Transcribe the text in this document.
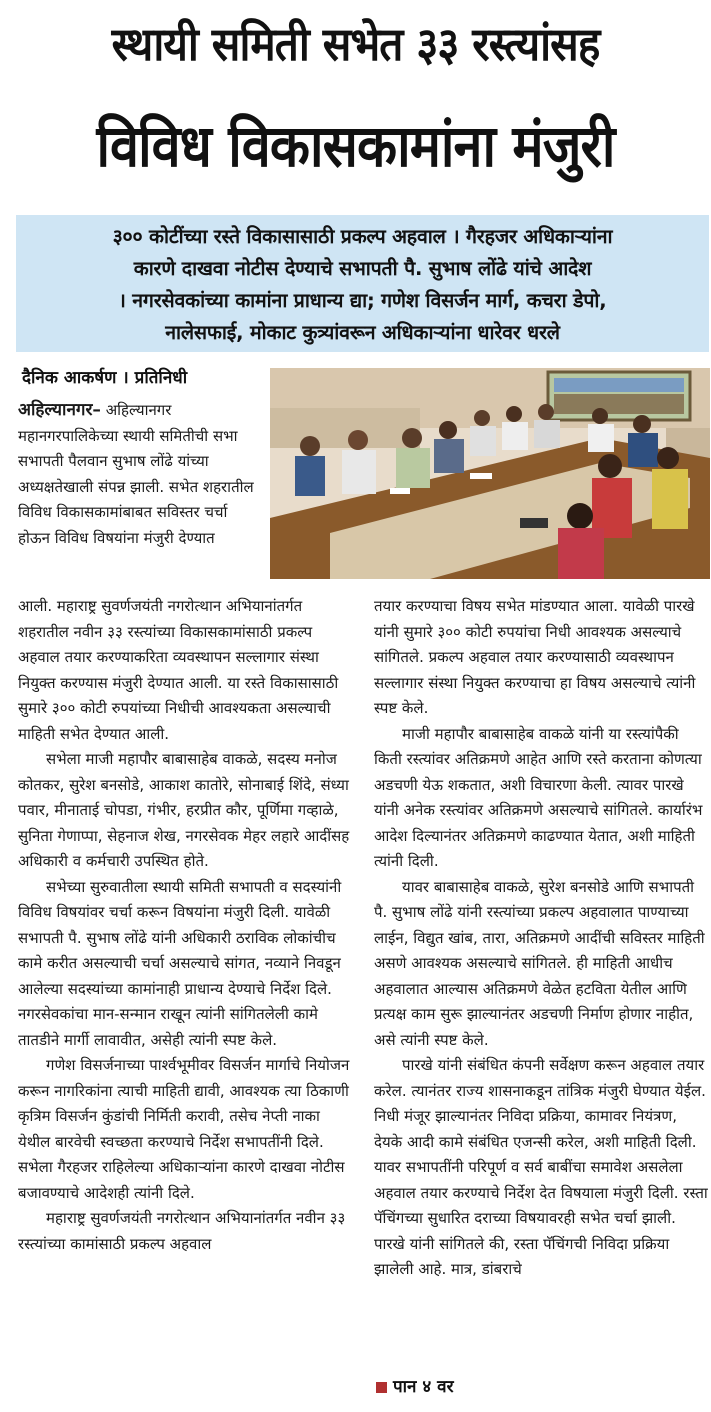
स्थायी समिती सभेत ३३ रस्त्यांसह
विविध विकासकामांना मंजुरी

३०० कोटींच्या रस्ते विकासासाठी प्रकल्प अहवाल । गैरहजर अधिकाऱ्यांना

कारणे दाखवा नोटीस देण्याचे सभापती पै. सुभाष लोंढे यांचे आदेश

। नगरसेवकांच्या कामांना प्राधान्य द्या; गणेश विसर्जन मार्ग, कचरा डेपो,

नालेसफाई, मोकाट कुत्र्यांवरून अधिकाऱ्यांना धारेवर धरले

दैनिक आकर्षण । प्रतिनिधी

अहिल्यानगर– अहिल्यानगर महानगरपालिकेच्या स्थायी समितीची सभा सभापती पैलवान सुभाष लोंढे यांच्या अध्यक्षतेखाली संपन्न झाली. सभेत शहरातील विविध विकासकामांबाबत सविस्तर चर्चा होऊन विविध विषयांना मंजुरी देण्यात

आली. महाराष्ट्र सुवर्णजयंती नगरोत्थान अभियानांतर्गत शहरातील नवीन ३३ रस्त्यांच्या विकासकामांसाठी प्रकल्प अहवाल तयार करण्याकरिता व्यवस्थापन सल्लागार संस्था नियुक्त करण्यास मंजुरी देण्यात आली. या रस्ते विकासासाठी सुमारे ३०० कोटी रुपयांच्या निधीची आवश्यकता असल्याची माहिती सभेत देण्यात आली.

सभेला माजी महापौर बाबासाहेब वाकळे, सदस्य मनोज कोतकर, सुरेश बनसोडे, आकाश कातोरे, सोनाबाई शिंदे, संध्या पवार, मीनाताई चोपडा, गंभीर, हरप्रीत कौर, पूर्णिमा गव्हाळे, सुनिता गेणाप्पा, सेहनाज शेख, नगरसेवक मेहर लहारे आदींसह अधिकारी व कर्मचारी उपस्थित होते.

सभेच्या सुरुवातीला स्थायी समिती सभापती व सदस्यांनी विविध विषयांवर चर्चा करून विषयांना मंजुरी दिली. यावेळी सभापती पै. सुभाष लोंढे यांनी अधिकारी ठराविक लोकांचीच कामे करीत असल्याची चर्चा असल्याचे सांगत, नव्याने निवडून आलेल्या सदस्यांच्या कामांनाही प्राधान्य देण्याचे निर्देश दिले. नगरसेवकांचा मान-सन्मान राखून त्यांनी सांगितलेली कामे तातडीने मार्गी लावावीत, असेही त्यांनी स्पष्ट केले.

गणेश विसर्जनाच्या पार्श्वभूमीवर विसर्जन मार्गाचे नियोजन करून नागरिकांना त्याची माहिती द्यावी, आवश्यक त्या ठिकाणी कृत्रिम विसर्जन कुंडांची निर्मिती करावी, तसेच नेप्ती नाका येथील बारवेची स्वच्छता करण्याचे निर्देश सभापतींनी दिले. सभेला गैरहजर राहिलेल्या अधिकाऱ्यांना कारणे दाखवा नोटीस बजावण्याचे आदेशही त्यांनी दिले.

महाराष्ट्र सुवर्णजयंती नगरोत्थान अभियानांतर्गत नवीन ३३ रस्त्यांच्या कामांसाठी प्रकल्प अहवाल

तयार करण्याचा विषय सभेत मांडण्यात आला. यावेळी पारखे यांनी सुमारे ३०० कोटी रुपयांचा निधी आवश्यक असल्याचे सांगितले. प्रकल्प अहवाल तयार करण्यासाठी व्यवस्थापन सल्लागार संस्था नियुक्त करण्याचा हा विषय असल्याचे त्यांनी स्पष्ट केले.

माजी महापौर बाबासाहेब वाकळे यांनी या रस्त्यांपैकी किती रस्त्यांवर अतिक्रमणे आहेत आणि रस्ते करताना कोणत्या अडचणी येऊ शकतात, अशी विचारणा केली. त्यावर पारखे यांनी अनेक रस्त्यांवर अतिक्रमणे असल्याचे सांगितले. कार्यारंभ आदेश दिल्यानंतर अतिक्रमणे काढण्यात येतात, अशी माहिती त्यांनी दिली.

यावर बाबासाहेब वाकळे, सुरेश बनसोडे आणि सभापती पै. सुभाष लोंढे यांनी रस्त्यांच्या प्रकल्प अहवालात पाण्याच्या लाईन, विद्युत खांब, तारा, अतिक्रमणे आदींची सविस्तर माहिती असणे आवश्यक असल्याचे सांगितले. ही माहिती आधीच अहवालात आल्यास अतिक्रमणे वेळेत हटविता येतील आणि प्रत्यक्ष काम सुरू झाल्यानंतर अडचणी निर्माण होणार नाहीत, असे त्यांनी स्पष्ट केले.

पारखे यांनी संबंधित कंपनी सर्वेक्षण करून अहवाल तयार करेल. त्यानंतर राज्य शासनाकडून तांत्रिक मंजुरी घेण्यात येईल. निधी मंजूर झाल्यानंतर निविदा प्रक्रिया, कामावर नियंत्रण, देयके आदी कामे संबंधित एजन्सी करेल, अशी माहिती दिली. यावर सभापतींनी परिपूर्ण व सर्व बाबींचा समावेश असलेला अहवाल तयार करण्याचे निर्देश देत विषयाला मंजुरी दिली. रस्ता पॅचिंगच्या सुधारित दराच्या विषयावरही सभेत चर्चा झाली. पारखे यांनी सांगितले की, रस्ता पॅचिंगची निविदा प्रक्रिया झालेली आहे. मात्र, डांबराचे

पान ४ वर
